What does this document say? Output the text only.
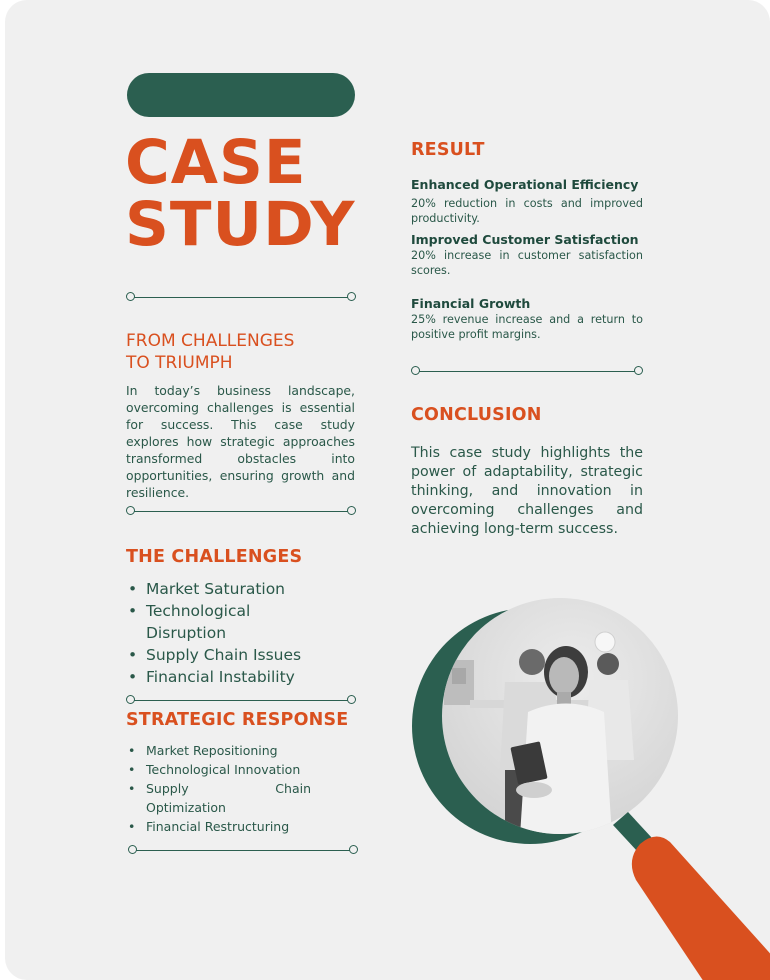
CASE
STUDY
FROM CHALLENGES
TO TRIUMPH

In today’s business landscape, overcoming challenges is essential for success. This case study explores how strategic approaches transformed obstacles into opportunities, ensuring growth and resilience.

THE CHALLENGES
• Market Saturation
• Technological Disruption
• Supply Chain Issues
• Financial Instability
STRATEGIC RESPONSE
• Market Repositioning
• Technological Innovation
• Supply Chain Optimization
• Financial Restructuring
RESULT
Enhanced Operational Efficiency
20% reduction in costs and improved productivity.
Improved Customer Satisfaction
20% increase in customer satisfaction scores.
Financial Growth
25% revenue increase and a return to positive profit margins.
CONCLUSION

This case study highlights the power of adaptability, strategic thinking, and innovation in overcoming challenges and achieving long-term success.
